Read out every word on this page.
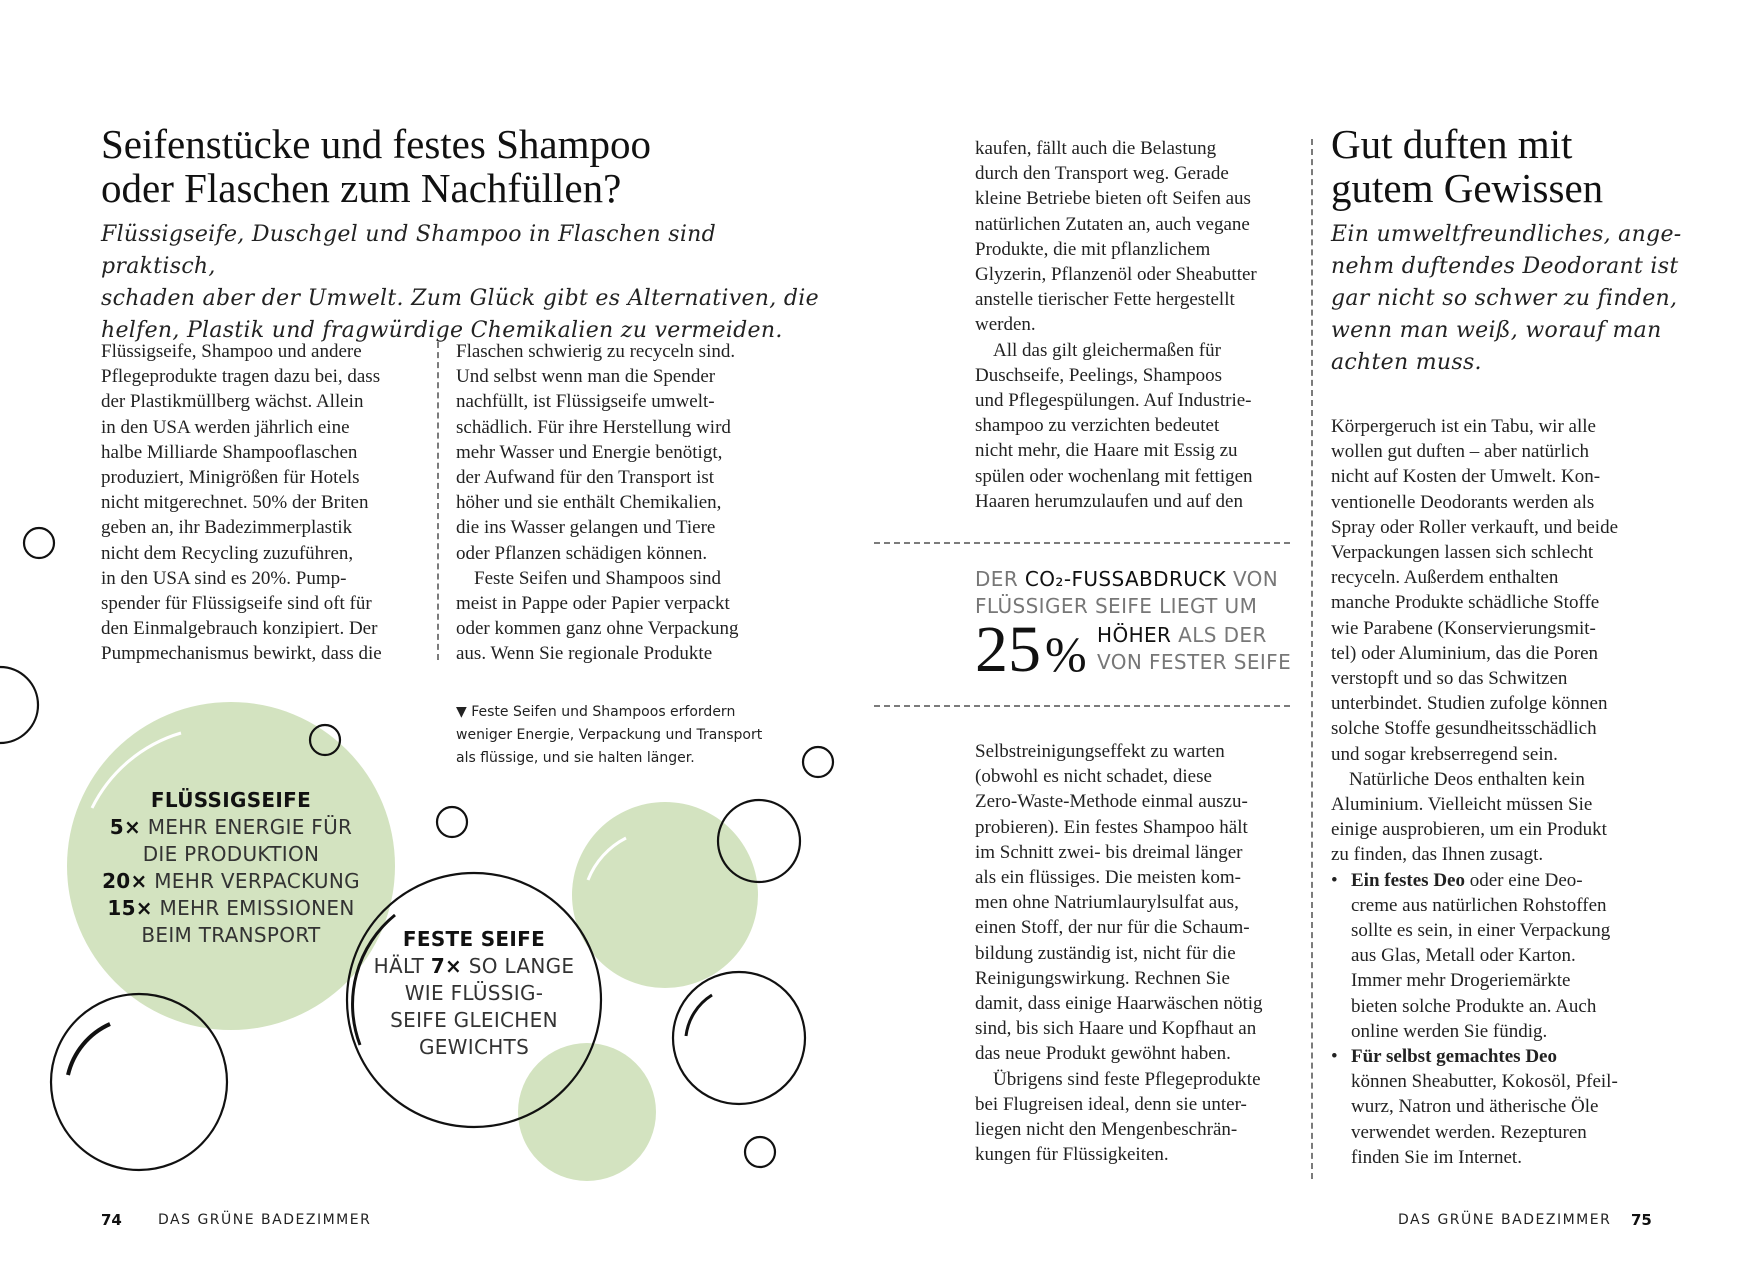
Seifenstücke und festes Shampoo
oder Flaschen zum Nachfüllen?
Flüssigseife, Duschgel und Shampoo in Flaschen sind praktisch,
schaden aber der Umwelt. Zum Glück gibt es Alternativen, die
helfen, Plastik und fragwürdige Chemikalien zu vermeiden.
Flüssigseife, Shampoo und andere
Pflegeprodukte tragen dazu bei, dass
der Plastikmüllberg wächst. Allein
in den USA werden jährlich eine
halbe Milliarde Shampooflaschen
produziert, Minigrößen für Hotels
nicht mitgerechnet. 50% der Briten
geben an, ihr Badezimmerplastik
nicht dem Recycling zuzuführen,
in den USA sind es 20%. Pump-
spender für Flüssigseife sind oft für
den Einmalgebrauch konzipiert. Der
Pumpmechanismus bewirkt, dass die
Flaschen schwierig zu recyceln sind.
Und selbst wenn man die Spender
nachfüllt, ist Flüssigseife umwelt-
schädlich. Für ihre Herstellung wird
mehr Wasser und Energie benötigt,
der Aufwand für den Transport ist
höher und sie enthält Chemikalien,
die ins Wasser gelangen und Tiere
oder Pflanzen schädigen können.
Feste Seifen und Shampoos sind
meist in Pappe oder Papier verpackt
oder kommen ganz ohne Verpackung
aus. Wenn Sie regionale Produkte
▼ Feste Seifen und Shampoos erfordern
weniger Energie, Verpackung und Transport
als flüssige, und sie halten länger.
FLÜSSIGSEIFE
5× MEHR ENERGIE FÜR
DIE PRODUKTION
20× MEHR VERPACKUNG
15× MEHR EMISSIONEN
BEIM TRANSPORT	FESTE SEIFE
HÄLT 7× SO LANGE
WIE FLÜSSIG-
SEIFE GLEICHEN
GEWICHTS
74	DAS GRÜNE BADEZIMMER
kaufen, fällt auch die Belastung
durch den Transport weg. Gerade
kleine Betriebe bieten oft Seifen aus
natürlichen Zutaten an, auch vegane
Produkte, die mit pflanzlichem
Glyzerin, Pflanzenöl oder Sheabutter
anstelle tierischer Fette hergestellt
werden.
All das gilt gleichermaßen für
Duschseife, Peelings, Shampoos
und Pflegespülungen. Auf Industrie-
shampoo zu verzichten bedeutet
nicht mehr, die Haare mit Essig zu
spülen oder wochenlang mit fettigen
Haaren herumzulaufen und auf den
DER CO₂-FUSSABDRUCK VON
FLÜSSIGER SEIFE LIEGT UM
25% HÖHER ALS DER
VON FESTER SEIFE
Selbstreinigungseffekt zu warten
(obwohl es nicht schadet, diese
Zero-Waste-Methode einmal auszu-
probieren). Ein festes Shampoo hält
im Schnitt zwei- bis dreimal länger
als ein flüssiges. Die meisten kom-
men ohne Natriumlaurylsulfat aus,
einen Stoff, der nur für die Schaum-
bildung zuständig ist, nicht für die
Reinigungswirkung. Rechnen Sie
damit, dass einige Haarwäschen nötig
sind, bis sich Haare und Kopfhaut an
das neue Produkt gewöhnt haben.
Übrigens sind feste Pflegeprodukte
bei Flugreisen ideal, denn sie unter-
liegen nicht den Mengenbeschrän-
kungen für Flüssigkeiten.
Gut duften mit
gutem Gewissen
Ein umweltfreundliches, ange-
nehm duftendes Deodorant ist
gar nicht so schwer zu finden,
wenn man weiß, worauf man
achten muss.
Körpergeruch ist ein Tabu, wir alle
wollen gut duften – aber natürlich
nicht auf Kosten der Umwelt. Kon-
ventionelle Deodorants werden als
Spray oder Roller verkauft, und beide
Verpackungen lassen sich schlecht
recyceln. Außerdem enthalten
manche Produkte schädliche Stoffe
wie Parabene (Konservierungsmit-
tel) oder Aluminium, das die Poren
verstopft und so das Schwitzen
unterbindet. Studien zufolge können
solche Stoffe gesundheitsschädlich
und sogar krebserregend sein.
Natürliche Deos enthalten kein
Aluminium. Vielleicht müssen Sie
einige ausprobieren, um ein Produkt
zu finden, das Ihnen zusagt.
• Ein festes Deo oder eine Deo-
creme aus natürlichen Rohstoffen
sollte es sein, in einer Verpackung
aus Glas, Metall oder Karton.
Immer mehr Drogeriemärkte
bieten solche Produkte an. Auch
online werden Sie fündig.
• Für selbst gemachtes Deo
können Sheabutter, Kokosöl, Pfeil-
wurz, Natron und ätherische Öle
verwendet werden. Rezepturen
finden Sie im Internet.
DAS GRÜNE BADEZIMMER 75
